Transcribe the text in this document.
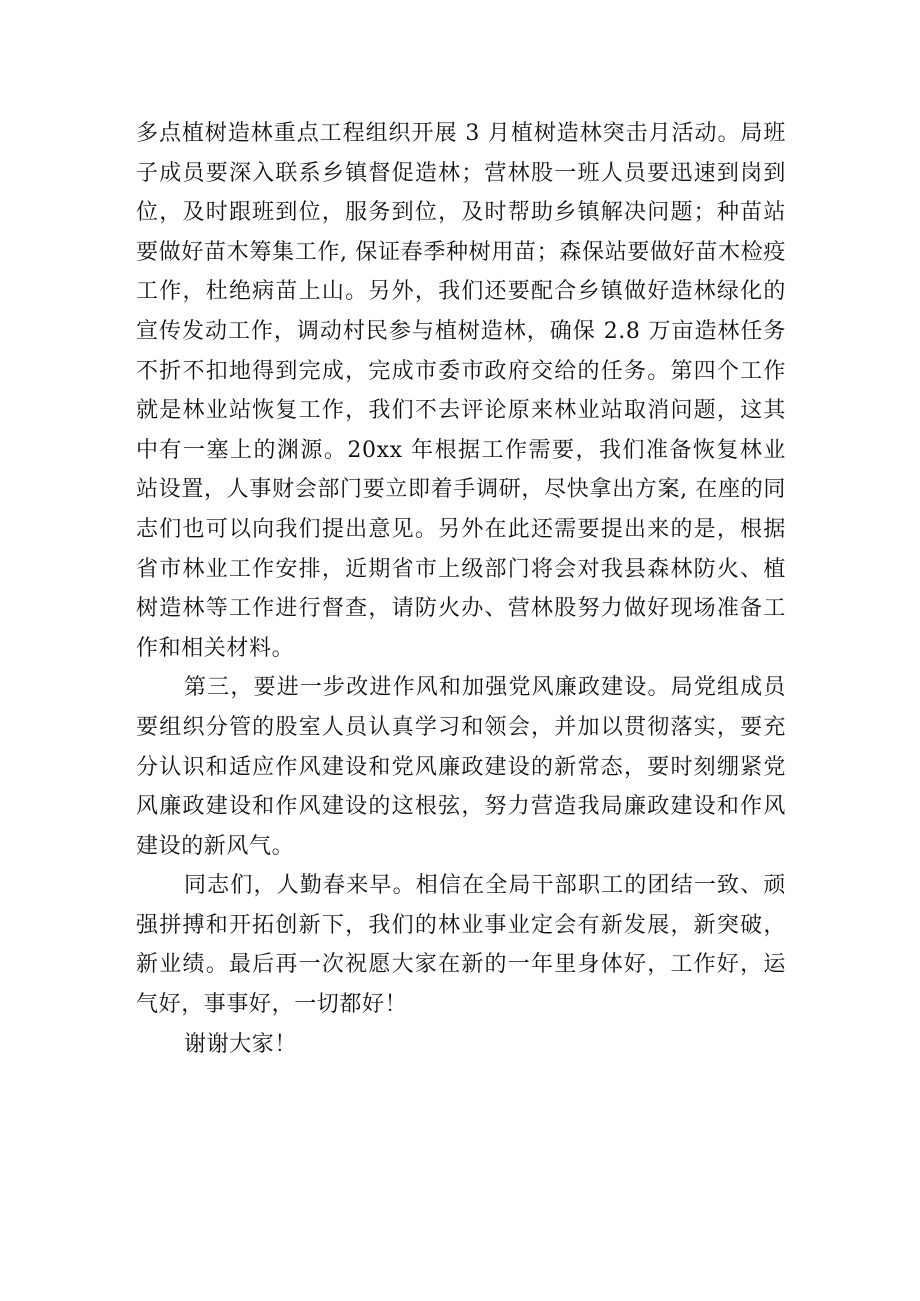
多点植树造林重点工程组织开展 3 月植树造林突击月活动。局班子成员要深入联系乡镇督促造林；营林股一班人员要迅速到岗到位，及时跟班到位，服务到位，及时帮助乡镇解决问题；种苗站要做好苗木筹集工作, 保证春季种树用苗；森保站要做好苗木检疫工作，杜绝病苗上山。另外，我们还要配合乡镇做好造林绿化的宣传发动工作，调动村民参与植树造林，确保 2.8 万亩造林任务不折不扣地得到完成，完成市委市政府交给的任务。第四个工作就是林业站恢复工作，我们不去评论原来林业站取消问题，这其中有一塞上的渊源。20xx 年根据工作需要，我们准备恢复林业站设置，人事财会部门要立即着手调研，尽快拿出方案, 在座的同志们也可以向我们提出意见。另外在此还需要提出来的是，根据省市林业工作安排，近期省市上级部门将会对我县森林防火、植树造林等工作进行督查，请防火办、营林股努力做好现场准备工作和相关材料。

第三，要进一步改进作风和加强党风廉政建设。局党组成员要组织分管的股室人员认真学习和领会，并加以贯彻落实，要充分认识和适应作风建设和党风廉政建设的新常态，要时刻绷紧党风廉政建设和作风建设的这根弦，努力营造我局廉政建设和作风建设的新风气。

同志们，人勤春来早。相信在全局干部职工的团结一致、顽强拼搏和开拓创新下，我们的林业事业定会有新发展，新突破，新业绩。最后再一次祝愿大家在新的一年里身体好，工作好，运气好，事事好，一切都好！

谢谢大家！
